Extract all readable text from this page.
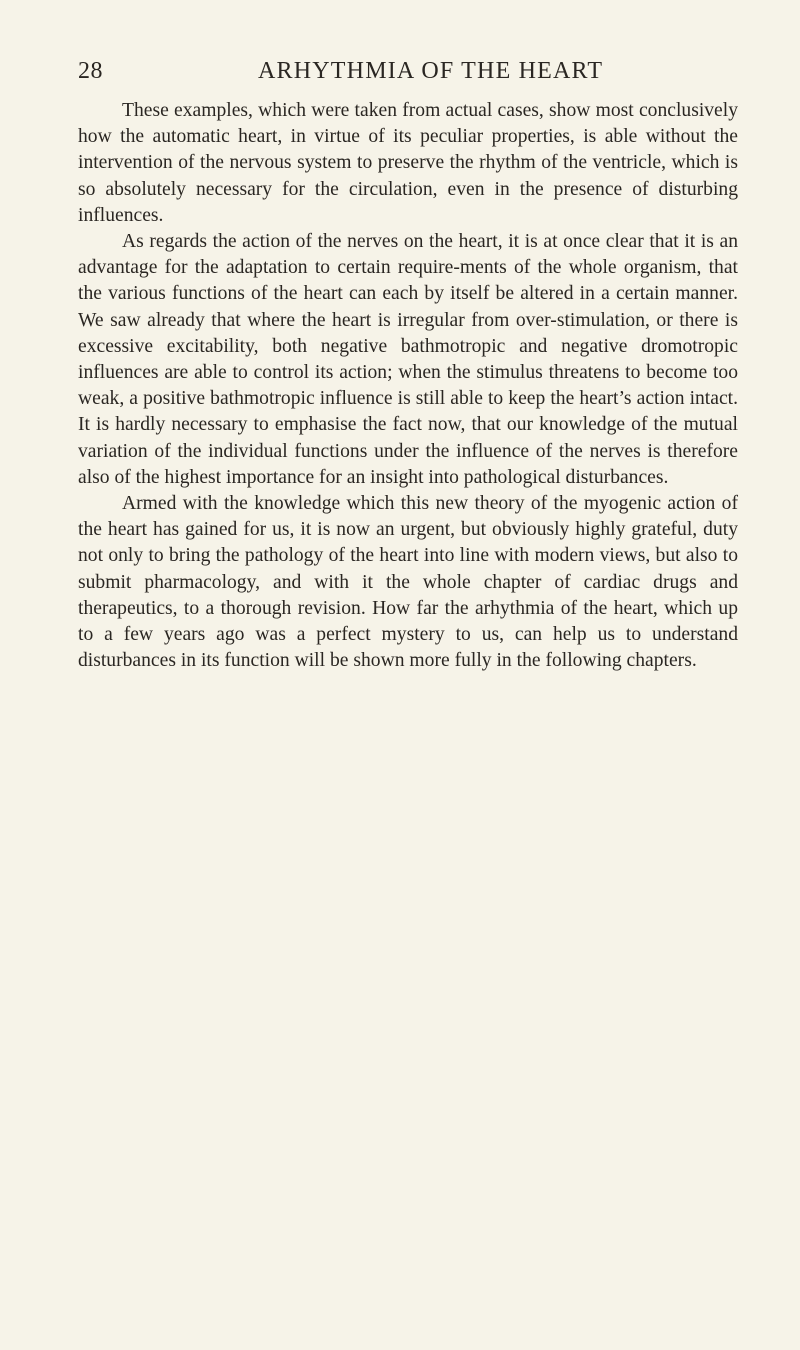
28	ARHYTHMIA OF THE HEART

These examples, which were taken from actual cases, show most conclusively how the automatic heart, in virtue of its peculiar properties, is able without the intervention of the nervous system to preserve the rhythm of the ventricle, which is so absolutely necessary for the circulation, even in the presence of disturbing influences.

As regards the action of the nerves on the heart, it is at once clear that it is an advantage for the adaptation to certain require-ments of the whole organism, that the various functions of the heart can each by itself be altered in a certain manner. We saw already that where the heart is irregular from over-stimulation, or there is excessive excitability, both negative bathmotropic and negative dromotropic influences are able to control its action; when the stimulus threatens to become too weak, a positive bathmotropic influence is still able to keep the heart’s action intact. It is hardly necessary to emphasise the fact now, that our knowledge of the mutual variation of the individual functions under the influence of the nerves is therefore also of the highest importance for an insight into pathological disturbances.

Armed with the knowledge which this new theory of the myogenic action of the heart has gained for us, it is now an urgent, but obviously highly grateful, duty not only to bring the pathology of the heart into line with modern views, but also to submit pharmacology, and with it the whole chapter of cardiac drugs and therapeutics, to a thorough revision. How far the arhythmia of the heart, which up to a few years ago was a perfect mystery to us, can help us to understand disturbances in its function will be shown more fully in the following chapters.
